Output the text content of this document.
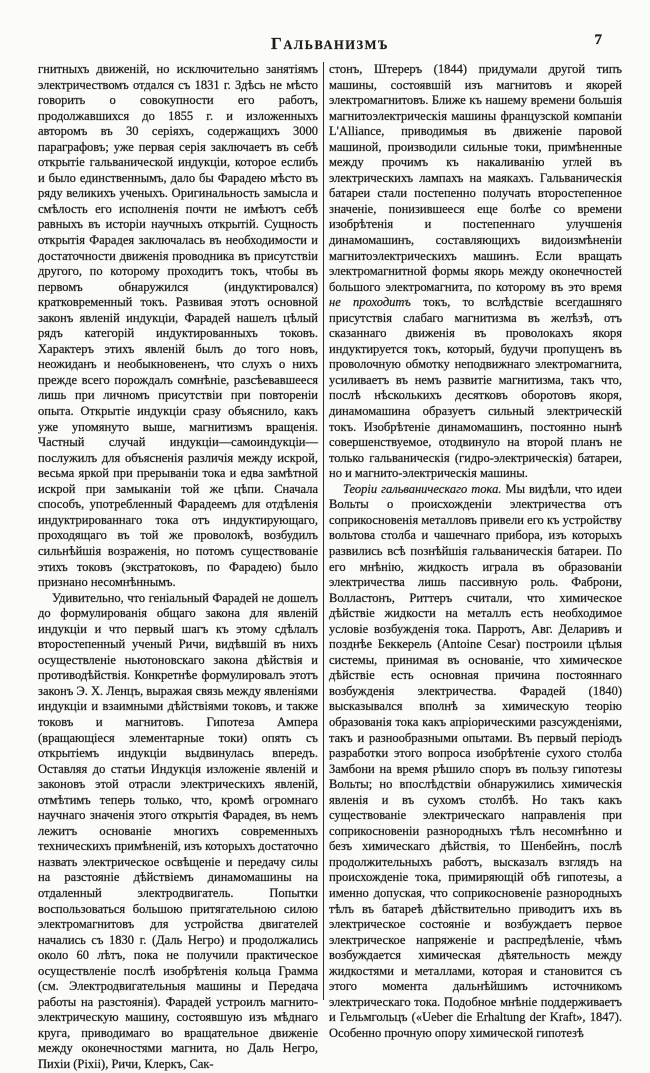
ГАЛЬВАНИЗМЪ	7

гнитныхъ движеній, но исключительно занятіямъ электричествомъ отдался съ 1831 г. Здѣсь не мѣсто говорить о совокупности его работъ, продолжавшихся до 1855 г. и изложенныхъ авторомъ въ 30 серіяхъ, содержащихъ 3000 параграфовъ; уже первая серія заключаетъ въ себѣ открытіе гальванической индукціи, которое еслибъ и было единственнымъ, дало бы Фарадею мѣсто въ ряду великихъ ученыхъ. Оригинальность замысла и смѣлость его исполненія почти не имѣютъ себѣ равныхъ въ исторіи научныхъ открытій. Сущность открытія Фарадея заключалась въ необходимости и достаточности движенія проводника въ присутствіи другого, по которому проходитъ токъ, чтобы въ первомъ обнаружился (индуктировался) кратковременный токъ. Развивая этотъ основной законъ явленій индукціи, Фарадей нашелъ цѣлый рядъ категорій индуктированныхъ токовъ. Характеръ этихъ явленій былъ до того новъ, неожиданъ и необыкновененъ, что слухъ о нихъ прежде всего порождалъ сомнѣніе, разсѣевавшееся лишь при личномъ присутствіи при повтореніи опыта. Открытіе индукціи сразу объяснило, какъ уже упомянуто выше, магнитизмъ вращенія. Частный случай индукціи—самоиндукціи—послужилъ для объясненія различія между искрой, весьма яркой при прерываніи тока и едва замѣтной искрой при замыканіи той же цѣпи. Сначала способъ, употребленный Фарадеемъ для отдѣленія индуктрированнаго тока отъ индуктирующаго, проходящаго въ той же проволокѣ, возбудилъ сильнѣйшія возраженія, но потомъ существованіе этихъ токовъ (экстратоковъ, по Фарадею) было признано несомнѣннымъ.

Удивительно, что геніальный Фарадей не дошелъ до формулированія общаго закона для явленій индукціи и что первый шагъ къ этому сдѣлалъ второстепенный ученый Ричи, видѣвшій въ нихъ осуществленіе ньютоновскаго закона дѣйствія и противодѣйствія. Конкретнѣе формулировалъ этотъ законъ Э. Х. Ленцъ, выражая связь между явленіями индукціи и взаимными дѣйствіями токовъ, и также токовъ и магнитовъ. Гипотеза Ампера (вращающіеся элементарные токи) опять съ открытіемъ индукціи выдвинулась впередъ. Оставляя до статьи Индукція изложеніе явленій и законовъ этой отрасли электрическихъ явленій, отмѣтимъ теперь только, что, кромѣ огромнаго научнаго значенія этого открытія Фарадея, въ немъ лежитъ основаніе многихъ современныхъ техническихъ примѣненій, изъ которыхъ достаточно назвать электрическое освѣщеніе и передачу силы на разстояніе дѣйствіемъ динамомашины на отдаленный электродвигатель. Попытки воспользоваться большою притягательною силою электромагнитовъ для устройства двигателей начались съ 1830 г. (Даль Негро) и продолжались около 60 лѣтъ, пока не получили практическое осуществленіе послѣ изобрѣтенія кольца Грамма (см. Электродвигательныя машины и Передача работы на разстоянія). Фарадей устроилъ магнито-электрическую машину, состоявшую изъ мѣднаго круга, приводимаго во вращательное движеніе между оконечностями магнита, но Даль Негро, Пихіи (Pixii), Ричи, Клеркъ, Сак-

стонъ, Штереръ (1844) придумали другой типъ машины, состоявшій изъ магнитовъ и якорей электромагнитовъ. Ближе къ нашему времени большія магнитоэлектрическія машины французской компаніи L'Alliance, приводимыя въ движеніе паровой машиной, производили сильные токи, примѣненные между прочимъ къ накаливанію углей въ электрическихъ лампахъ на маякахъ. Гальваническія батареи стали постепенно получать второстепенное значеніе, понизившееся еще болѣе со времени изобрѣтенія и постепеннаго улучшенія динамомашинъ, составляющихъ видоизмѣненіи магнитоэлектрическихъ машинъ. Если вращать электромагнитной формы якорь между оконечностей большого электромагнита, по которому въ это время не проходитъ токъ, то вслѣдствіе всегдашняго присутствія слабаго магнитизма въ желѣзѣ, отъ сказаннаго движенія въ проволокахъ якоря индуктируется токъ, который, будучи пропущенъ въ проволочную обмотку неподвижнаго электромагнита, усиливаетъ въ немъ развитіе магнитизма, такъ что, послѣ нѣсколькихъ десятковъ оборотовъ якоря, динамомашина образуетъ сильный электрическій токъ. Изобрѣтеніе динамомашинъ, постоянно нынѣ совершенствуемое, отодвинуло на второй планъ не только гальваническія (гидро-электрическія) батареи, но и магнито-электрическія машины.

Теоріи гальваническаго тока. Мы видѣли, что идеи Вольты о происхожденіи электричества отъ соприкосновенія металловъ привели его къ устройству вольтова столба и чашечнаго прибора, изъ которыхъ развились всѣ познѣйшія гальваническія батареи. По его мнѣнію, жидкость играла въ образованіи электричества лишь пассивную роль. Фаброни, Волластонъ, Риттеръ считали, что химическое дѣйствіе жидкости на металлъ есть необходимое условіе возбужденія тока. Парротъ, Авг. Деларивъ и позднѣе Беккерель (Antoine Cesar) построили цѣлыя системы, принимая въ основаніе, что химическое дѣйствіе есть основная причина постояннаго возбужденія электричества. Фарадей (1840) высказывался вполнѣ за химическую теорію образованія тока какъ апріорическими разсужденіями, такъ и разнообразными опытами. Въ первый періодъ разработки этого вопроса изобрѣтеніе сухого столба Замбони на время рѣшило споръ въ пользу гипотезы Вольты; но впослѣдствіи обнаружились химическія явленія и въ сухомъ столбѣ. Но такъ какъ существованіе электрическаго направленія при соприкосновеніи разнородныхъ тѣлъ несомнѣнно и безъ химическаго дѣйствія, то Шенбейнъ, послѣ продолжительныхъ работъ, высказалъ взглядъ на происхожденіе тока, примиряющій обѣ гипотезы, а именно допуская, что соприкосновеніе разнородныхъ тѣлъ въ батареѣ дѣйствительно приводитъ ихъ въ электрическое состояніе и возбуждаетъ первое электрическое напряженіе и распредѣленіе, чѣмъ возбуждается химическая дѣятельность между жидкостями и металлами, которая и становится съ этого момента дальнѣйшимъ источникомъ электрическаго тока. Подобное мнѣніе поддерживаетъ и Гельмгольцъ («Ueber die Erhaltung der Kraft», 1847). Особенно прочную опору химической гипотезѣ
